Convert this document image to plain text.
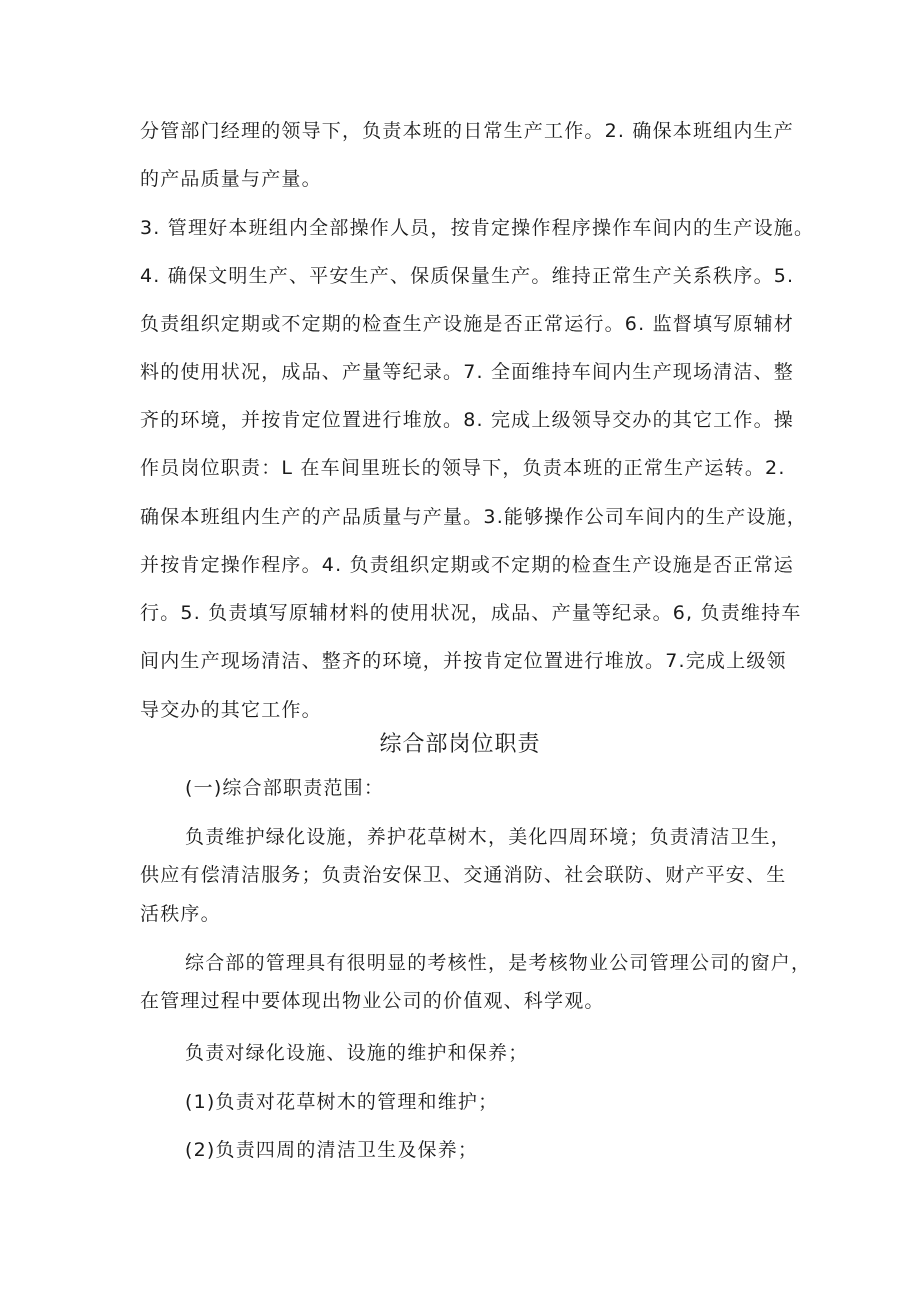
分管部门经理的领导下，负责本班的日常生产工作。2. 确保本班组内生产
的产品质量与产量。
3. 管理好本班组内全部操作人员，按肯定操作程序操作车间内的生产设施。
4. 确保文明生产、平安生产、保质保量生产。维持正常生产关系秩序。5.
负责组织定期或不定期的检查生产设施是否正常运行。6. 监督填写原辅材
料的使用状况，成品、产量等纪录。7. 全面维持车间内生产现场清洁、整
齐的环境，并按肯定位置进行堆放。8. 完成上级领导交办的其它工作。操
作员岗位职责：L 在车间里班长的领导下，负责本班的正常生产运转。2.
确保本班组内生产的产品质量与产量。3.能够操作公司车间内的生产设施，
并按肯定操作程序。4. 负责组织定期或不定期的检查生产设施是否正常运
行。5. 负责填写原辅材料的使用状况，成品、产量等纪录。6, 负责维持车
间内生产现场清洁、整齐的环境，并按肯定位置进行堆放。7.完成上级领
导交办的其它工作。
综合部岗位职责
(一)综合部职责范围：
负责维护绿化设施，养护花草树木，美化四周环境；负责清洁卫生，
供应有偿清洁服务；负责治安保卫、交通消防、社会联防、财产平安、生
活秩序。
综合部的管理具有很明显的考核性，是考核物业公司管理公司的窗户，
在管理过程中要体现出物业公司的价值观、科学观。
负责对绿化设施、设施的维护和保养；
(1)负责对花草树木的管理和维护；
(2)负责四周的清洁卫生及保养；
